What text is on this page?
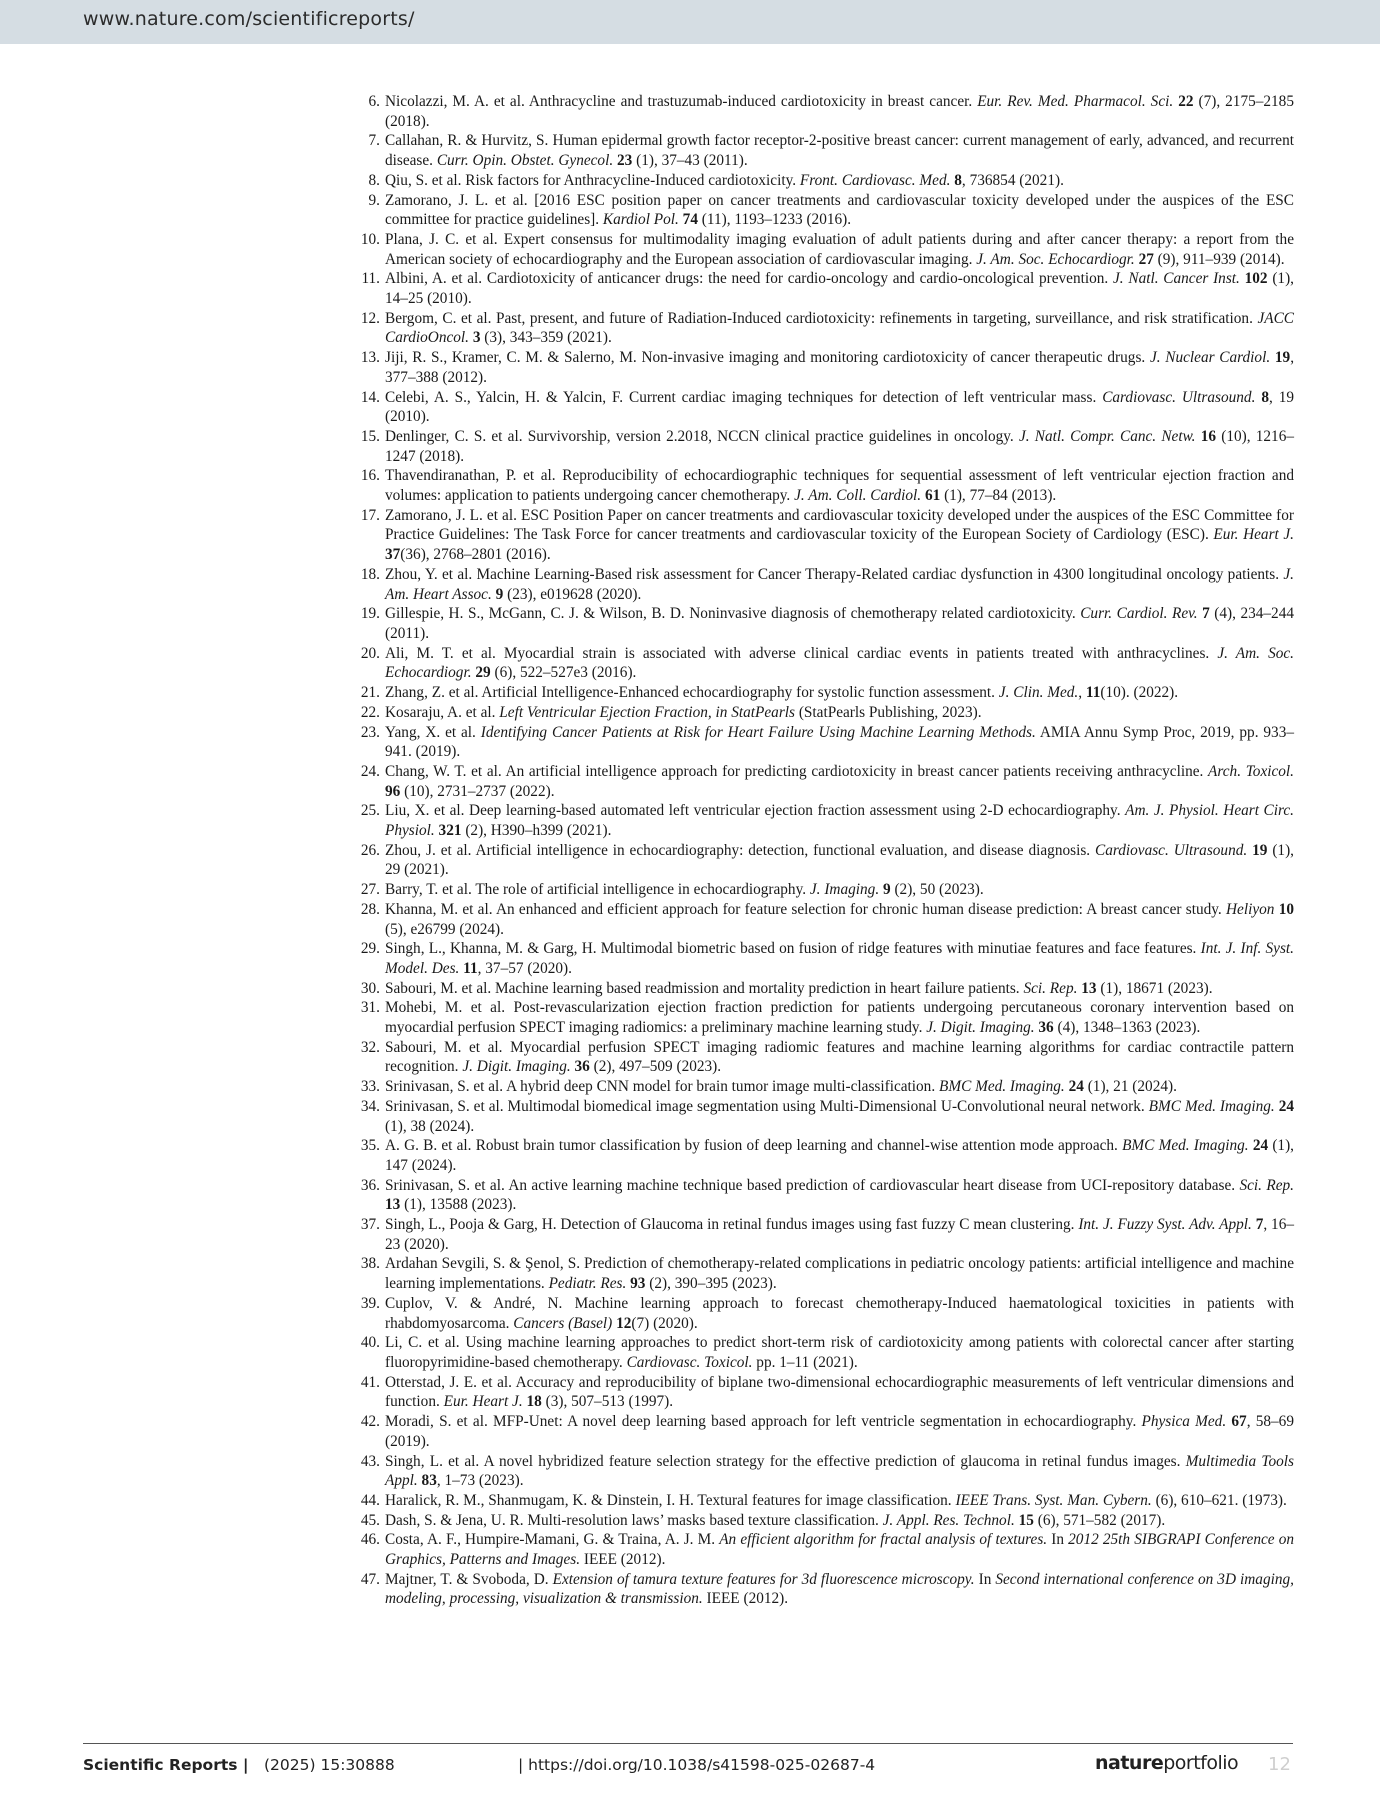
www.nature.com/scientificreports/
6. Nicolazzi, M. A. et al. Anthracycline and trastuzumab-induced cardiotoxicity in breast cancer. Eur. Rev. Med. Pharmacol. Sci. 22 (7), 2175–2185 (2018).
7. Callahan, R. & Hurvitz, S. Human epidermal growth factor receptor-2-positive breast cancer: current management of early, advanced, and recurrent disease. Curr. Opin. Obstet. Gynecol. 23 (1), 37–43 (2011).
8. Qiu, S. et al. Risk factors for Anthracycline-Induced cardiotoxicity. Front. Cardiovasc. Med. 8, 736854 (2021).
9. Zamorano, J. L. et al. [2016 ESC position paper on cancer treatments and cardiovascular toxicity developed under the auspices of the ESC committee for practice guidelines]. Kardiol Pol. 74 (11), 1193–1233 (2016).
10. Plana, J. C. et al. Expert consensus for multimodality imaging evaluation of adult patients during and after cancer therapy: a report from the American society of echocardiography and the European association of cardiovascular imaging. J. Am. Soc. Echocardiogr. 27 (9), 911–939 (2014).
11. Albini, A. et al. Cardiotoxicity of anticancer drugs: the need for cardio-oncology and cardio-oncological prevention. J. Natl. Cancer Inst. 102 (1), 14–25 (2010).
12. Bergom, C. et al. Past, present, and future of Radiation-Induced cardiotoxicity: refinements in targeting, surveillance, and risk stratification. JACC CardioOncol. 3 (3), 343–359 (2021).
13. Jiji, R. S., Kramer, C. M. & Salerno, M. Non-invasive imaging and monitoring cardiotoxicity of cancer therapeutic drugs. J. Nuclear Cardiol. 19, 377–388 (2012).
14. Celebi, A. S., Yalcin, H. & Yalcin, F. Current cardiac imaging techniques for detection of left ventricular mass. Cardiovasc. Ultrasound. 8, 19 (2010).
15. Denlinger, C. S. et al. Survivorship, version 2.2018, NCCN clinical practice guidelines in oncology. J. Natl. Compr. Canc. Netw. 16 (10), 1216–1247 (2018).
16. Thavendiranathan, P. et al. Reproducibility of echocardiographic techniques for sequential assessment of left ventricular ejection fraction and volumes: application to patients undergoing cancer chemotherapy. J. Am. Coll. Cardiol. 61 (1), 77–84 (2013).
17. Zamorano, J. L. et al. ESC Position Paper on cancer treatments and cardiovascular toxicity developed under the auspices of the ESC Committee for Practice Guidelines: The Task Force for cancer treatments and cardiovascular toxicity of the European Society of Cardiology (ESC). Eur. Heart J. 37(36), 2768–2801 (2016).
18. Zhou, Y. et al. Machine Learning-Based risk assessment for Cancer Therapy-Related cardiac dysfunction in 4300 longitudinal oncology patients. J. Am. Heart Assoc. 9 (23), e019628 (2020).
19. Gillespie, H. S., McGann, C. J. & Wilson, B. D. Noninvasive diagnosis of chemotherapy related cardiotoxicity. Curr. Cardiol. Rev. 7 (4), 234–244 (2011).
20. Ali, M. T. et al. Myocardial strain is associated with adverse clinical cardiac events in patients treated with anthracyclines. J. Am. Soc. Echocardiogr. 29 (6), 522–527e3 (2016).
21. Zhang, Z. et al. Artificial Intelligence-Enhanced echocardiography for systolic function assessment. J. Clin. Med., 11(10). (2022).
22. Kosaraju, A. et al. Left Ventricular Ejection Fraction, in StatPearls (StatPearls Publishing, 2023).
23. Yang, X. et al. Identifying Cancer Patients at Risk for Heart Failure Using Machine Learning Methods. AMIA Annu Symp Proc, 2019, pp. 933–941. (2019).
24. Chang, W. T. et al. An artificial intelligence approach for predicting cardiotoxicity in breast cancer patients receiving anthracycline. Arch. Toxicol. 96 (10), 2731–2737 (2022).
25. Liu, X. et al. Deep learning-based automated left ventricular ejection fraction assessment using 2-D echocardiography. Am. J. Physiol. Heart Circ. Physiol. 321 (2), H390–h399 (2021).
26. Zhou, J. et al. Artificial intelligence in echocardiography: detection, functional evaluation, and disease diagnosis. Cardiovasc. Ultrasound. 19 (1), 29 (2021).
27. Barry, T. et al. The role of artificial intelligence in echocardiography. J. Imaging. 9 (2), 50 (2023).
28. Khanna, M. et al. An enhanced and efficient approach for feature selection for chronic human disease prediction: A breast cancer study. Heliyon 10 (5), e26799 (2024).
29. Singh, L., Khanna, M. & Garg, H. Multimodal biometric based on fusion of ridge features with minutiae features and face features. Int. J. Inf. Syst. Model. Des. 11, 37–57 (2020).
30. Sabouri, M. et al. Machine learning based readmission and mortality prediction in heart failure patients. Sci. Rep. 13 (1), 18671 (2023).
31. Mohebi, M. et al. Post-revascularization ejection fraction prediction for patients undergoing percutaneous coronary intervention based on myocardial perfusion SPECT imaging radiomics: a preliminary machine learning study. J. Digit. Imaging. 36 (4), 1348–1363 (2023).
32. Sabouri, M. et al. Myocardial perfusion SPECT imaging radiomic features and machine learning algorithms for cardiac contractile pattern recognition. J. Digit. Imaging. 36 (2), 497–509 (2023).
33. Srinivasan, S. et al. A hybrid deep CNN model for brain tumor image multi-classification. BMC Med. Imaging. 24 (1), 21 (2024).
34. Srinivasan, S. et al. Multimodal biomedical image segmentation using Multi-Dimensional U-Convolutional neural network. BMC Med. Imaging. 24 (1), 38 (2024).
35. A. G. B. et al. Robust brain tumor classification by fusion of deep learning and channel-wise attention mode approach. BMC Med. Imaging. 24 (1), 147 (2024).
36. Srinivasan, S. et al. An active learning machine technique based prediction of cardiovascular heart disease from UCI-repository database. Sci. Rep. 13 (1), 13588 (2023).
37. Singh, L., Pooja & Garg, H. Detection of Glaucoma in retinal fundus images using fast fuzzy C mean clustering. Int. J. Fuzzy Syst. Adv. Appl. 7, 16–23 (2020).
38. Ardahan Sevgili, S. & Şenol, S. Prediction of chemotherapy-related complications in pediatric oncology patients: artificial intelligence and machine learning implementations. Pediatr. Res. 93 (2), 390–395 (2023).
39. Cuplov, V. & André, N. Machine learning approach to forecast chemotherapy-Induced haematological toxicities in patients with rhabdomyosarcoma. Cancers (Basel) 12(7) (2020).
40. Li, C. et al. Using machine learning approaches to predict short-term risk of cardiotoxicity among patients with colorectal cancer after starting fluoropyrimidine-based chemotherapy. Cardiovasc. Toxicol. pp. 1–11 (2021).
41. Otterstad, J. E. et al. Accuracy and reproducibility of biplane two-dimensional echocardiographic measurements of left ventricular dimensions and function. Eur. Heart J. 18 (3), 507–513 (1997).
42. Moradi, S. et al. MFP-Unet: A novel deep learning based approach for left ventricle segmentation in echocardiography. Physica Med. 67, 58–69 (2019).
43. Singh, L. et al. A novel hybridized feature selection strategy for the effective prediction of glaucoma in retinal fundus images. Multimedia Tools Appl. 83, 1–73 (2023).
44. Haralick, R. M., Shanmugam, K. & Dinstein, I. H. Textural features for image classification. IEEE Trans. Syst. Man. Cybern. (6), 610–621. (1973).
45. Dash, S. & Jena, U. R. Multi-resolution laws’ masks based texture classification. J. Appl. Res. Technol. 15 (6), 571–582 (2017).
46. Costa, A. F., Humpire-Mamani, G. & Traina, A. J. M. An efficient algorithm for fractal analysis of textures. In 2012 25th SIBGRAPI Conference on Graphics, Patterns and Images. IEEE (2012).
47. Majtner, T. & Svoboda, D. Extension of tamura texture features for 3d fluorescence microscopy. In Second international conference on 3D imaging, modeling, processing, visualization & transmission. IEEE (2012).
Scientific Reports | (2025) 15:30888	| https://doi.org/10.1038/s41598-025-02687-4	natureportfolio 12
